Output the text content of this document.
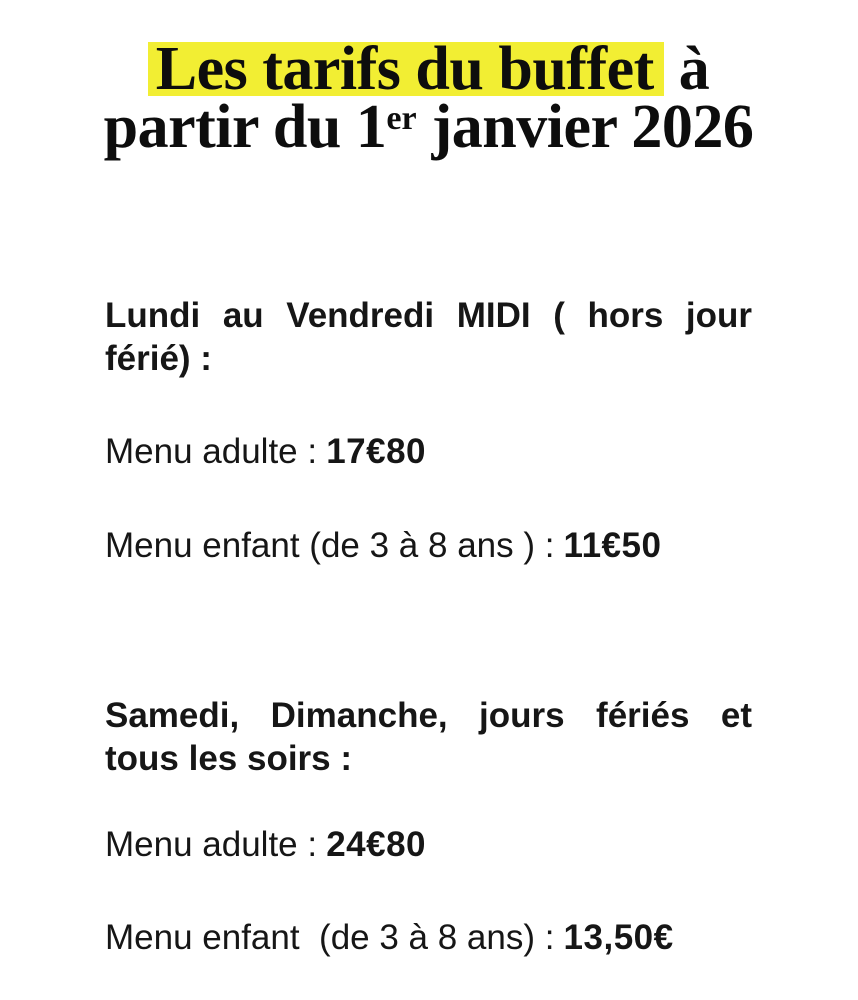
Les tarifs du buffet à
partir du 1er janvier 2026
Lundi au Vendredi MIDI ( hors jour
férié) :
Menu adulte : 17€80
Menu enfant (de 3 à 8 ans ) : 11€50
Samedi, Dimanche, jours fériés et
tous les soirs :
Menu adulte : 24€80
Menu enfant  (de 3 à 8 ans) : 13,50€
